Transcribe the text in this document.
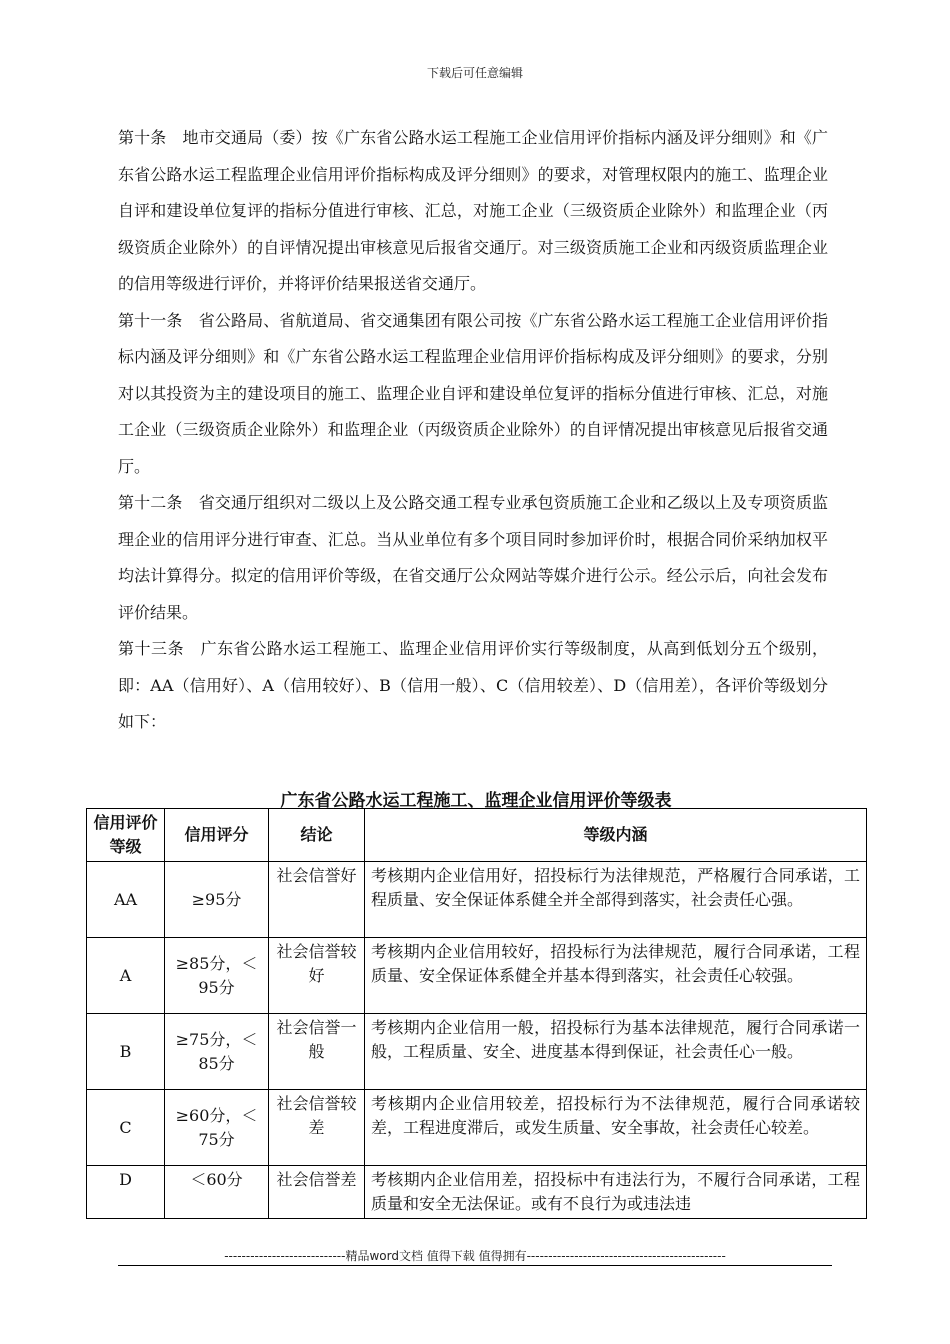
下载后可任意编辑

第十条　地市交通局（委）按《广东省公路水运工程施工企业信用评价指标内涵及评分细则》和《广东省公路水运工程监理企业信用评价指标构成及评分细则》的要求，对管理权限内的施工、监理企业自评和建设单位复评的指标分值进行审核、汇总，对施工企业（三级资质企业除外）和监理企业（丙级资质企业除外）的自评情况提出审核意见后报省交通厅。对三级资质施工企业和丙级资质监理企业的信用等级进行评价，并将评价结果报送省交通厅。

第十一条　省公路局、省航道局、省交通集团有限公司按《广东省公路水运工程施工企业信用评价指标内涵及评分细则》和《广东省公路水运工程监理企业信用评价指标构成及评分细则》的要求，分别对以其投资为主的建设项目的施工、监理企业自评和建设单位复评的指标分值进行审核、汇总，对施工企业（三级资质企业除外）和监理企业（丙级资质企业除外）的自评情况提出审核意见后报省交通厅。

第十二条　省交通厅组织对二级以上及公路交通工程专业承包资质施工企业和乙级以上及专项资质监理企业的信用评分进行审查、汇总。当从业单位有多个项目同时参加评价时，根据合同价采纳加权平均法计算得分。拟定的信用评价等级，在省交通厅公众网站等媒介进行公示。经公示后，向社会发布评价结果。

第十三条　广东省公路水运工程施工、监理企业信用评价实行等级制度，从高到低划分五个级别，即：AA（信用好）、A（信用较好）、B（信用一般）、C（信用较差）、D（信用差），各评价等级划分如下：

广东省公路水运工程施工、监理企业信用评价等级表
信用评价等级	信用评分	结论	等级内涵
AA	≥95分	社会信誉好	考核期内企业信用好，招投标行为法律规范，严格履行合同承诺，工程质量、安全保证体系健全并全部得到落实，社会责任心强。
A	≥85分，＜95分	社会信誉较好	考核期内企业信用较好，招投标行为法律规范，履行合同承诺，工程质量、安全保证体系健全并基本得到落实，社会责任心较强。
B	≥75分，＜85分	社会信誉一般	考核期内企业信用一般，招投标行为基本法律规范，履行合同承诺一般，工程质量、安全、进度基本得到保证，社会责任心一般。
C	≥60分，＜75分	社会信誉较差	考核期内企业信用较差，招投标行为不法律规范，履行合同承诺较差，工程进度滞后，或发生质量、安全事故，社会责任心较差。
D	＜60分	社会信誉差	考核期内企业信用差，招投标中有违法行为，不履行合同承诺，工程质量和安全无法保证。或有不良行为或违法违
----------------------------精品word文档 值得下载 值得拥有----------------------------------------------
